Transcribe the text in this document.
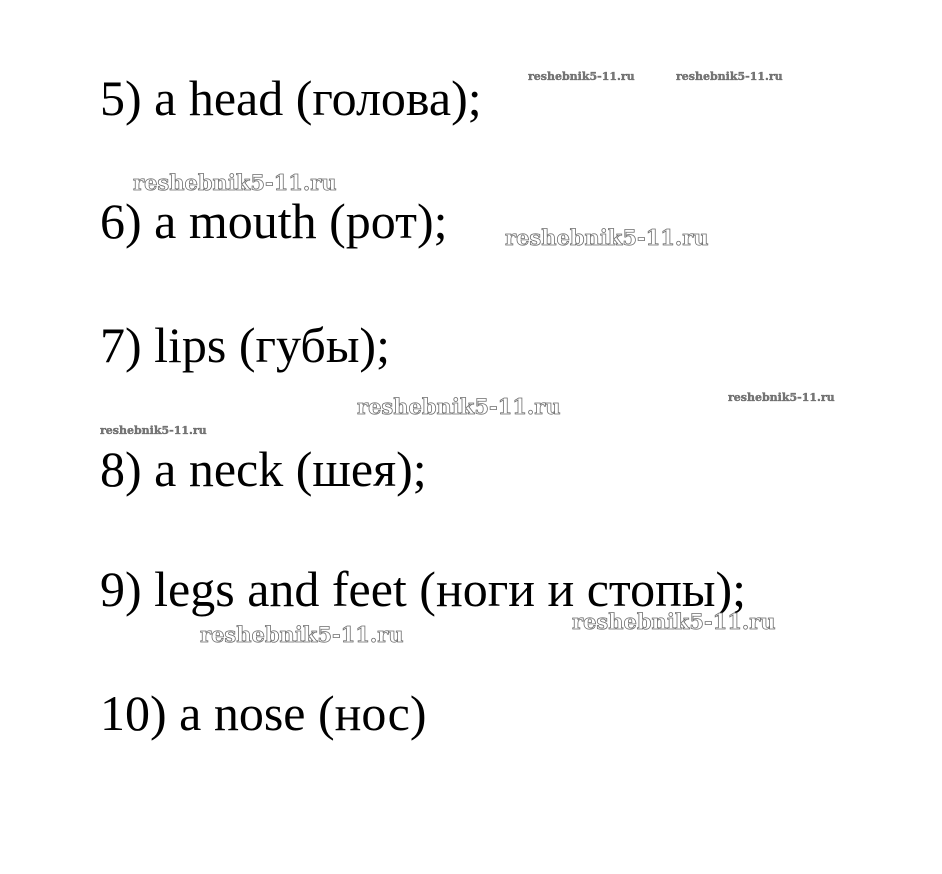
5) a head (голова);

6) a mouth (рот);

7) lips (губы);

8) a neck (шея);

9) legs and feet (ноги и стопы);

10) a nose (нос)

reshebnik5-11.ru	reshebnik5-11.ru
reshebnik5-11.ru
reshebnik5-11.ru
reshebnik5-11.ru	reshebnik5-11.ru
reshebnik5-11.ru
reshebnik5-11.ru
reshebnik5-11.ru
